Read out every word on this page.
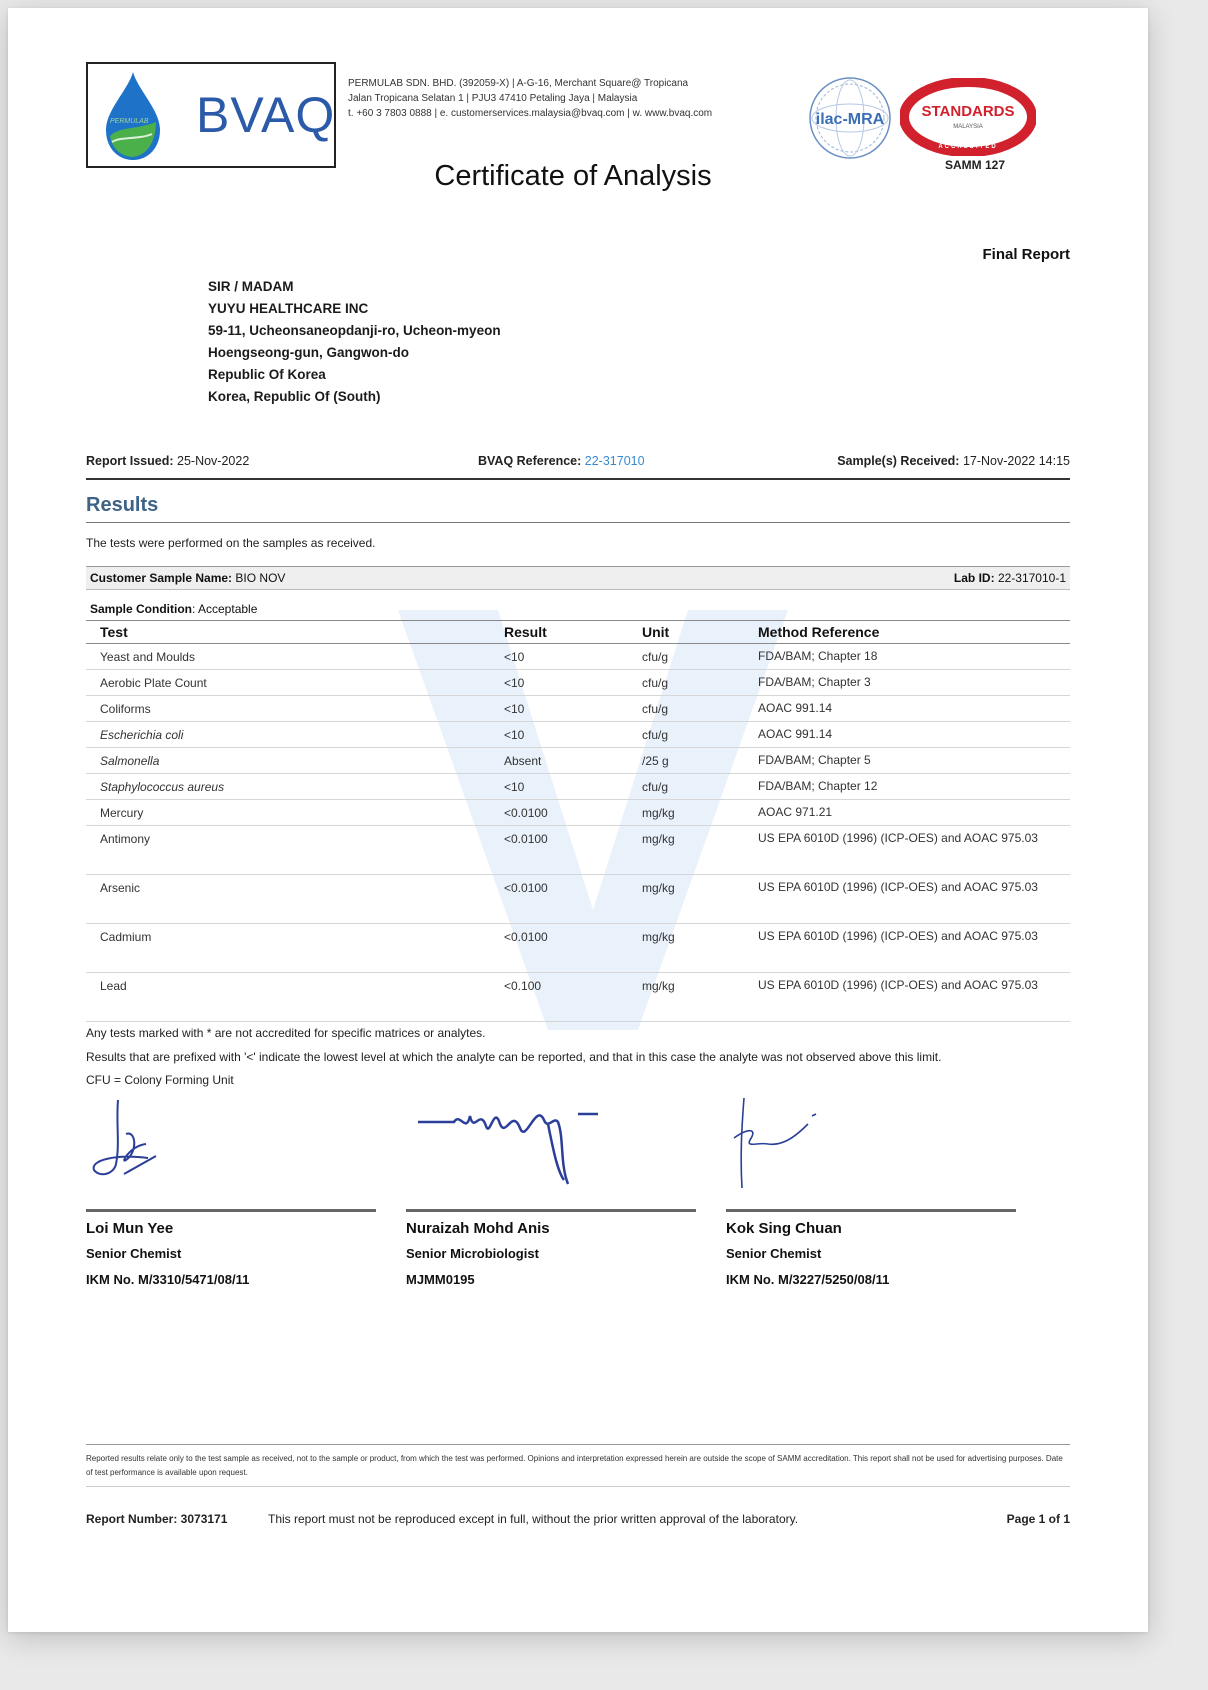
PERMULAB BVAQ
PERMULAB SDN. BHD. (392059-X) | A-G-16, Merchant Square@ Tropicana
Jalan Tropicana Selatan 1 | PJU3 47410 Petaling Jaya | Malaysia
t. +60 3 7803 0888 | e. customerservices.malaysia@bvaq.com | w. www.bvaq.com
Certificate of Analysis
ilac-MRA STANDARDS
MALAYSIA
ACCREDITED
SAMM 127
Final Report
SIR / MADAM
YUYU HEALTHCARE INC
59-11, Ucheonsaneopdanji-ro, Ucheon-myeon
Hoengseong-gun, Gangwon-do
Republic Of Korea
Korea, Republic Of (South)
Report Issued: 25-Nov-2022	BVAQ Reference: 22-317010	Sample(s) Received: 17-Nov-2022 14:15
Results
The tests were performed on the samples as received.
Customer Sample Name: BIO NOV	Lab ID: 22-317010-1
Sample Condition: Acceptable
Test	Result	Unit	Method Reference
Yeast and Moulds	<10	cfu/g	FDA/BAM; Chapter 18
Aerobic Plate Count	<10	cfu/g	FDA/BAM; Chapter 3
Coliforms	<10	cfu/g	AOAC 991.14
Escherichia coli	<10	cfu/g	AOAC 991.14
Salmonella	Absent	/25 g	FDA/BAM; Chapter 5
Staphylococcus aureus	<10	cfu/g	FDA/BAM; Chapter 12
Mercury	<0.0100	mg/kg	AOAC 971.21
Antimony	<0.0100	mg/kg	US EPA 6010D (1996) (ICP-OES) and AOAC 975.03
Arsenic	<0.0100	mg/kg	US EPA 6010D (1996) (ICP-OES) and AOAC 975.03
Cadmium	<0.0100	mg/kg	US EPA 6010D (1996) (ICP-OES) and AOAC 975.03
Lead	<0.100	mg/kg	US EPA 6010D (1996) (ICP-OES) and AOAC 975.03
Any tests marked with * are not accredited for specific matrices or analytes.
Results that are prefixed with '<' indicate the lowest level at which the analyte can be reported, and that in this case the analyte was not observed above this limit.
CFU = Colony Forming Unit
Loi Mun Yee
Senior Chemist
IKM No. M/3310/5471/08/11
Nuraizah Mohd Anis
Senior Microbiologist
MJMM0195
Kok Sing Chuan
Senior Chemist
IKM No. M/3227/5250/08/11
Reported results relate only to the test sample as received, not to the sample or product, from which the test was performed. Opinions and interpretation expressed herein are outside the scope of SAMM accreditation. This report shall not be used for advertising purposes. Date of test performance is available upon request.
Report Number: 3073171	This report must not be reproduced except in full, without the prior written approval of the laboratory.	Page 1 of 1
